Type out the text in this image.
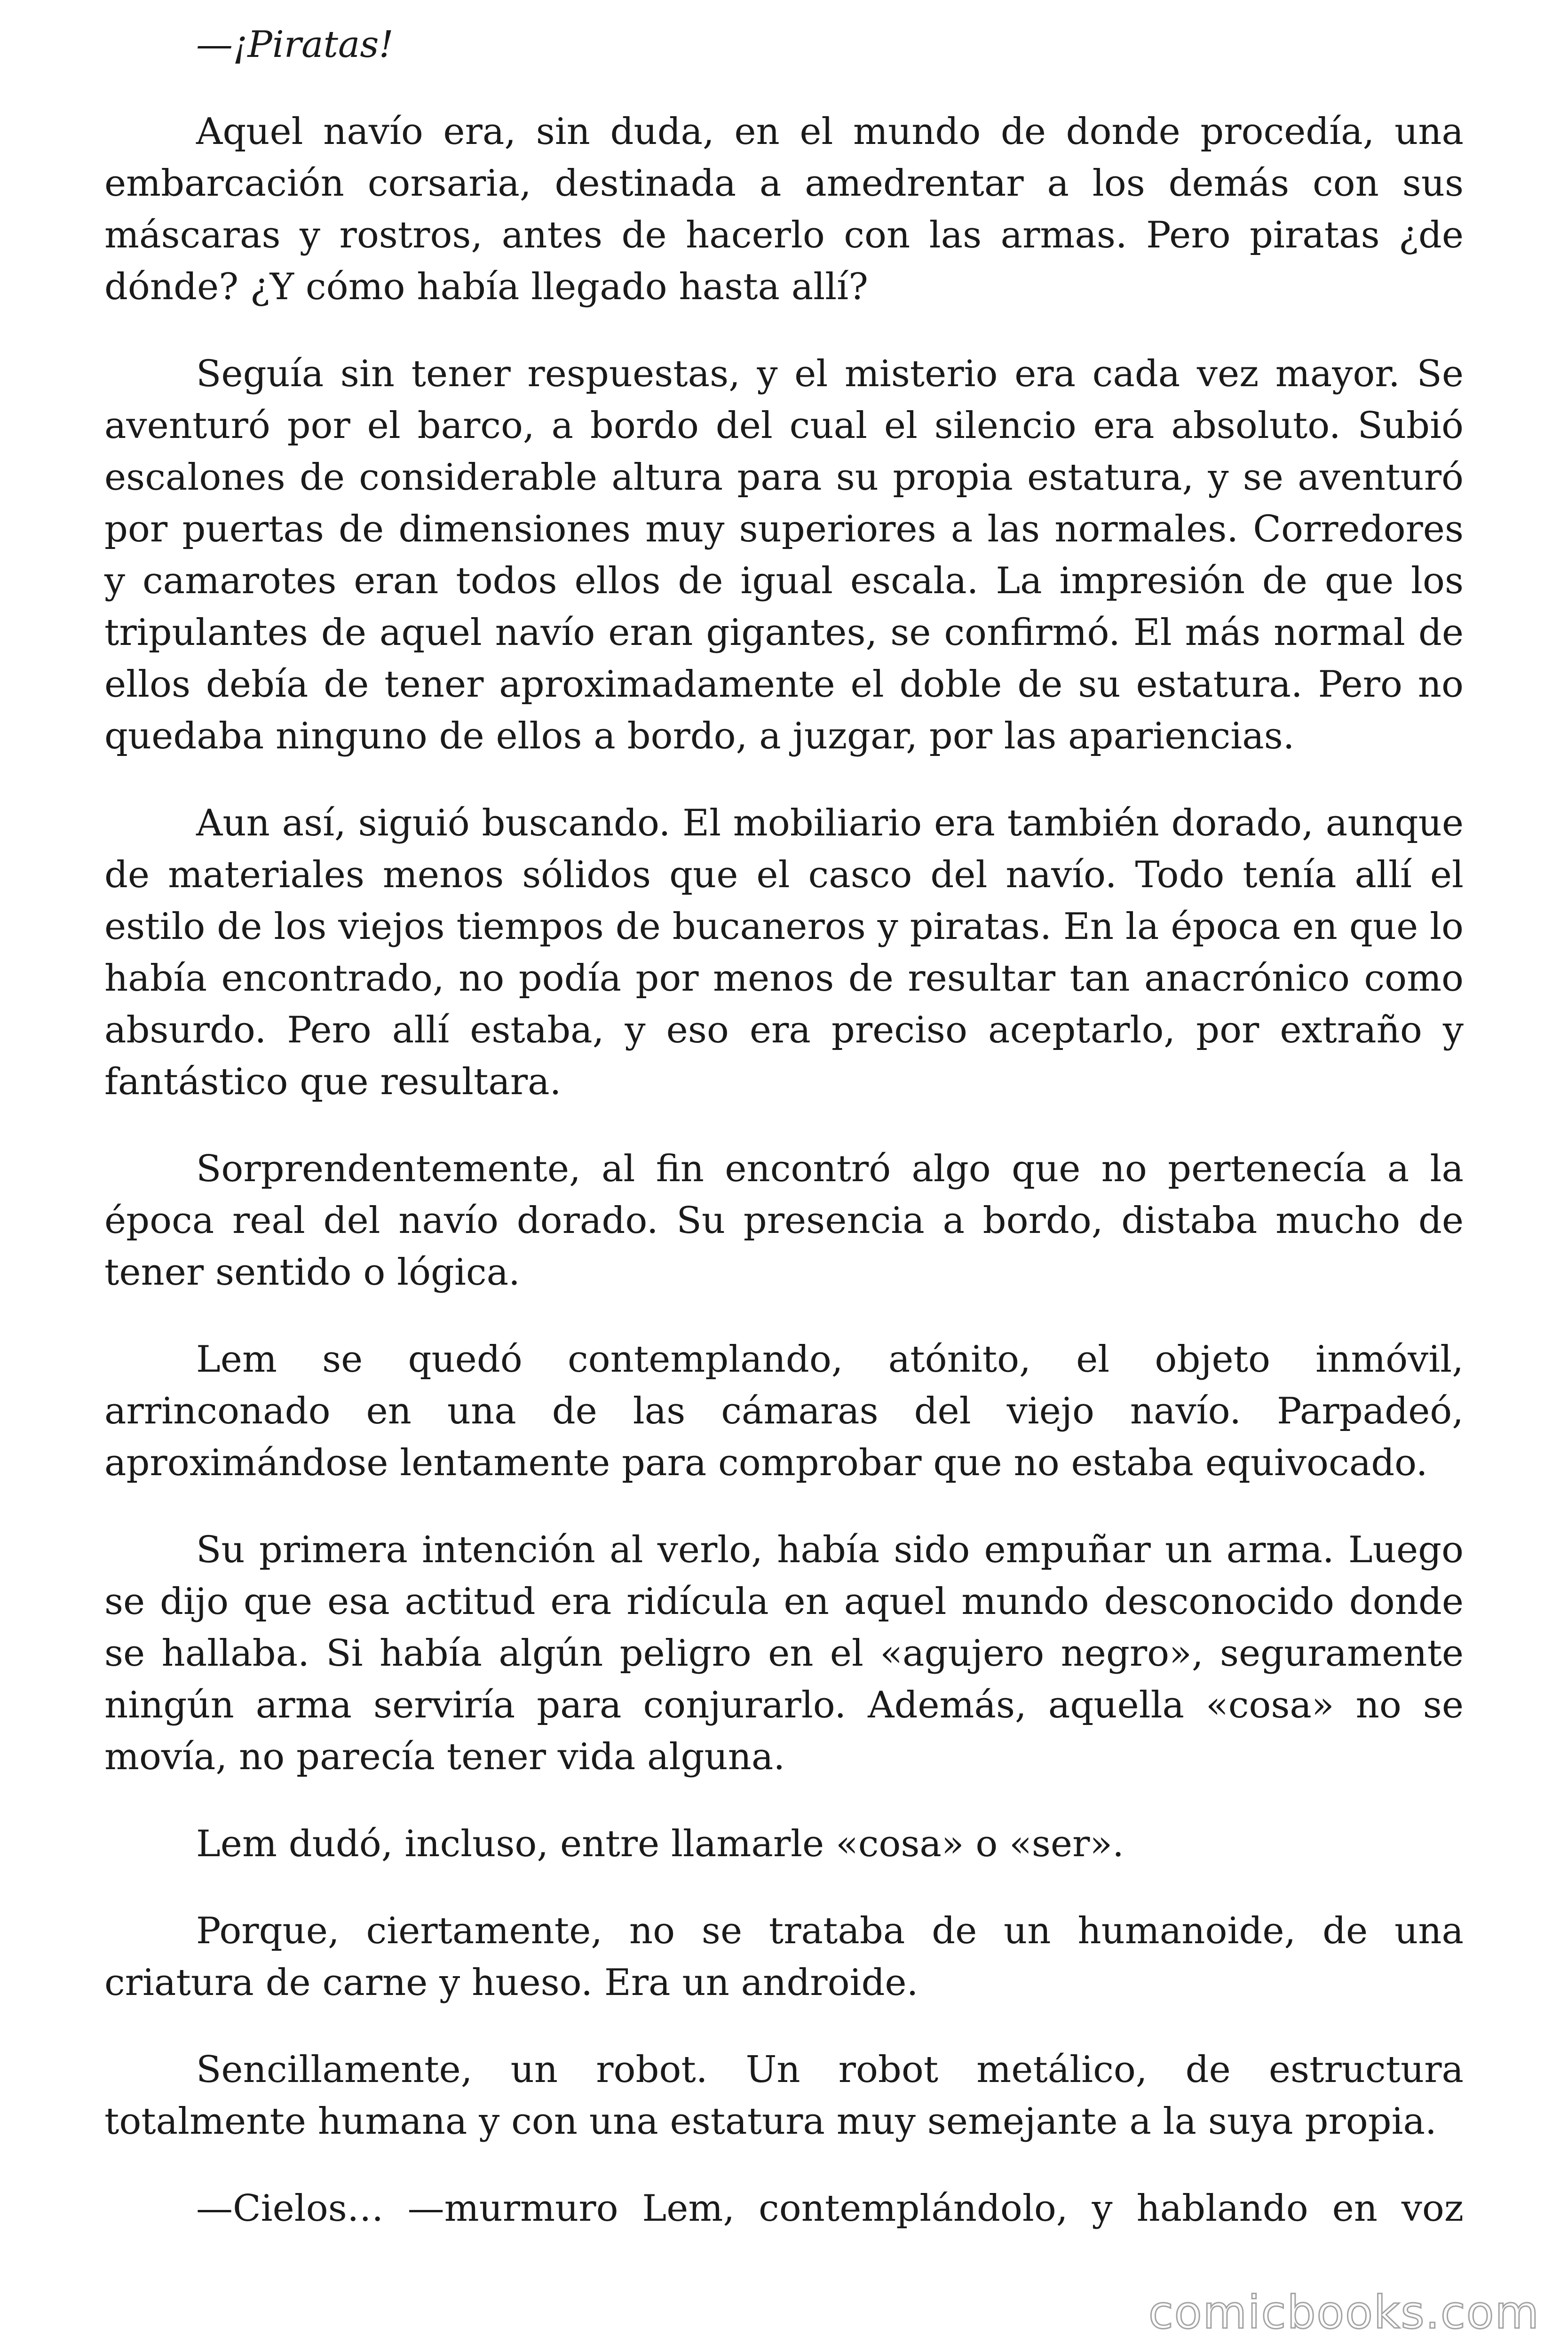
—¡Piratas!

Aquel navío era, sin duda, en el mundo de donde procedía, una embarcación corsaria, destinada a amedrentar a los demás con sus máscaras y rostros, antes de hacerlo con las armas. Pero piratas ¿de dónde? ¿Y cómo había llegado hasta allí?

Seguía sin tener respuestas, y el misterio era cada vez mayor. Se aventuró por el barco, a bordo del cual el silencio era absoluto. Subió escalones de considerable altura para su propia estatura, y se aventuró por puertas de dimensiones muy superiores a las normales. Corredores y camarotes eran todos ellos de igual escala. La impresión de que los tripulantes de aquel navío eran gigantes, se confirmó. El más normal de ellos debía de tener aproximadamente el doble de su estatura. Pero no quedaba ninguno de ellos a bordo, a juzgar, por las apariencias.

Aun así, siguió buscando. El mobiliario era también dorado, aunque de materiales menos sólidos que el casco del navío. Todo tenía allí el estilo de los viejos tiempos de bucaneros y piratas. En la época en que lo había encontrado, no podía por menos de resultar tan anacrónico como absurdo. Pero allí estaba, y eso era preciso aceptarlo, por extraño y fantástico que resultara.

Sorprendentemente, al fin encontró algo que no pertenecía a la época real del navío dorado. Su presencia a bordo, distaba mucho de tener sentido o lógica.

Lem se quedó contemplando, atónito, el objeto inmóvil, arrinconado en una de las cámaras del viejo navío. Parpadeó, aproximándose lentamente para comprobar que no estaba equivocado.

Su primera intención al verlo, había sido empuñar un arma. Luego se dijo que esa actitud era ridícula en aquel mundo desconocido donde se hallaba. Si había algún peligro en el «agujero negro», seguramente ningún arma serviría para conjurarlo. Además, aquella «cosa» no se movía, no parecía tener vida alguna.

Lem dudó, incluso, entre llamarle «cosa» o «ser».

Porque, ciertamente, no se trataba de un humanoide, de una criatura de carne y hueso. Era un androide.

Sencillamente, un robot. Un robot metálico, de estructura totalmente humana y con una estatura muy semejante a la suya propia.

—Cielos… —murmuro Lem, contemplándolo, y hablando en voz

comicbooks.com
